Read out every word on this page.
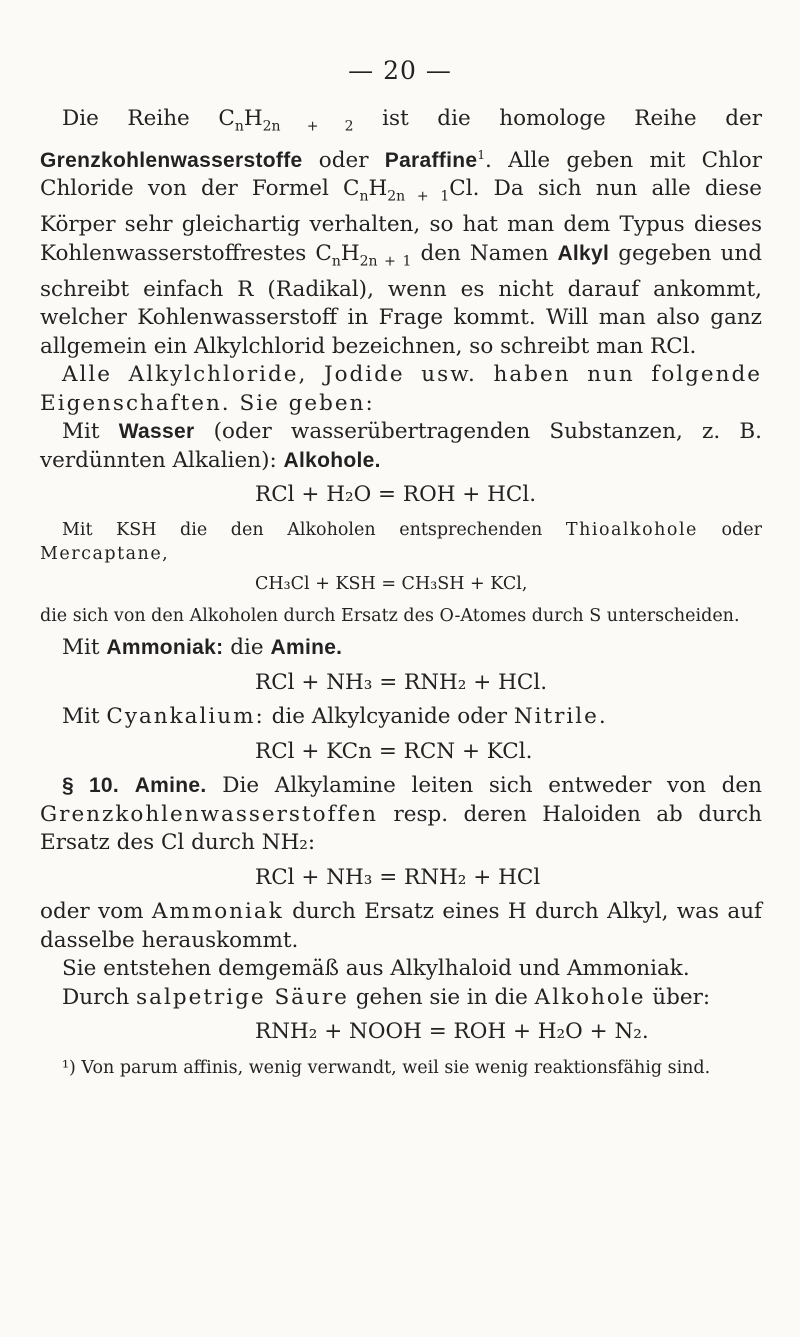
— 20 —

Die Reihe $C_nH_{2n + 2}$ ist die homologe Reihe der Grenzkohlenwasserstoffe oder Paraffine$^1$. Alle geben mit Chlor Chloride von der Formel $C_nH_{2n + 1}Cl$. Da sich nun alle diese Körper sehr gleichartig verhalten, so hat man dem Typus dieses Kohlenwasserstoffrestes $C_nH_{2n + 1}$ den Namen Alkyl gegeben und schreibt einfach R (Radikal), wenn es nicht darauf ankommt, welcher Kohlenwasserstoff in Frage kommt. Will man also ganz allgemein ein Alkylchlorid bezeichnen, so schreibt man RCl.

Alle Alkylchloride, Jodide usw. haben nun folgende Eigenschaften. Sie geben:

Mit Wasser (oder wasserübertragenden Substanzen, z. B. verdünnten Alkalien): Alkohole.

RCl + H₂O = ROH + HCl.

Mit KSH die den Alkoholen entsprechenden Thioalkohole oder Mercaptane,

CH₃Cl + KSH = CH₃SH + KCl,

die sich von den Alkoholen durch Ersatz des O-Atomes durch S unterscheiden.

Mit Ammoniak: die Amine.

RCl + NH₃ = RNH₂ + HCl.

Mit Cyankalium: die Alkylcyanide oder Nitrile.

RCl + KCn = RCN + KCl.

§ 10. Amine. Die Alkylamine leiten sich entweder von den Grenzkohlenwasserstoffen resp. deren Haloiden ab durch Ersatz des Cl durch NH₂:

RCl + NH₃ = RNH₂ + HCl

oder vom Ammoniak durch Ersatz eines H durch Alkyl, was auf dasselbe herauskommt.

Sie entstehen demgemäß aus Alkylhaloid und Ammoniak.

Durch salpetrige Säure gehen sie in die Alkohole über:

RNH₂ + NOOH = ROH + H₂O + N₂.

¹) Von parum affinis, wenig verwandt, weil sie wenig reaktionsfähig sind.
